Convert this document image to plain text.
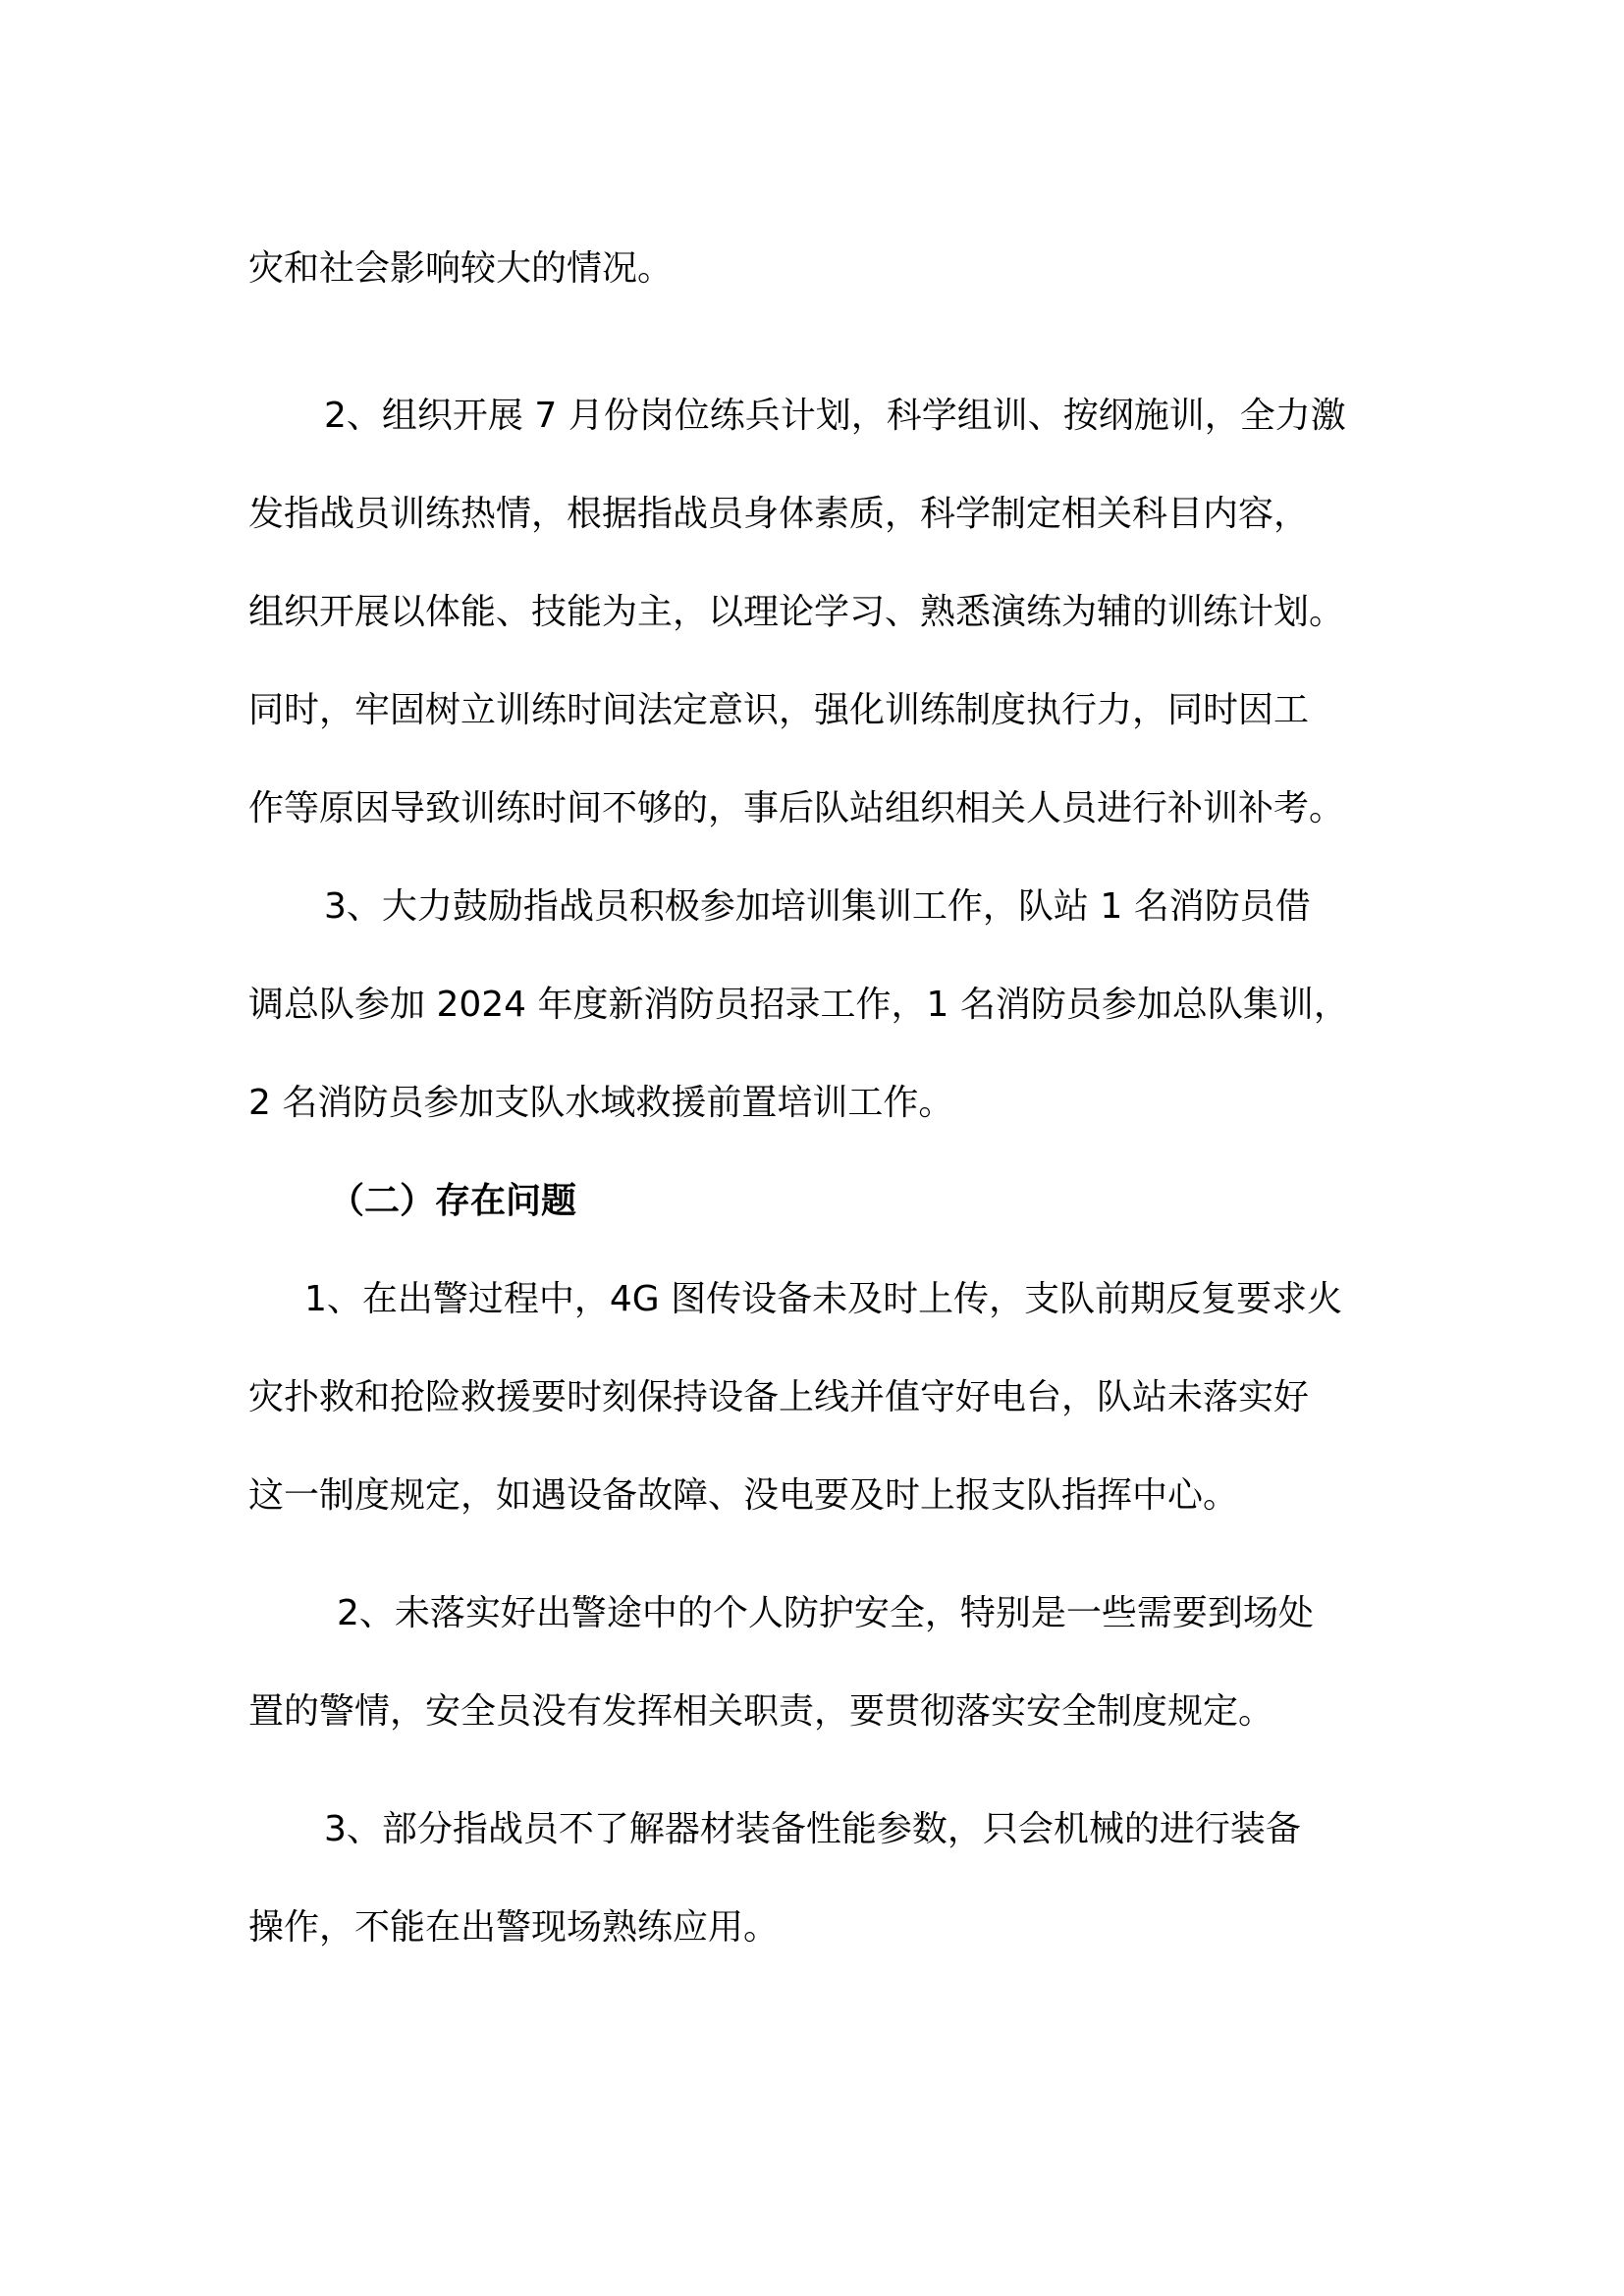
灾和社会影响较大的情况。
2、组织开展 7 月份岗位练兵计划，科学组训、按纲施训，全力激
发指战员训练热情，根据指战员身体素质，科学制定相关科目内容，
组织开展以体能、技能为主，以理论学习、熟悉演练为辅的训练计划。
同时，牢固树立训练时间法定意识，强化训练制度执行力，同时因工
作等原因导致训练时间不够的，事后队站组织相关人员进行补训补考。
3、大力鼓励指战员积极参加培训集训工作，队站 1 名消防员借
调总队参加 2024 年度新消防员招录工作，1 名消防员参加总队集训，
2 名消防员参加支队水域救援前置培训工作。
（二）存在问题
1、在出警过程中，4G 图传设备未及时上传，支队前期反复要求火
灾扑救和抢险救援要时刻保持设备上线并值守好电台，队站未落实好
这一制度规定，如遇设备故障、没电要及时上报支队指挥中心。
2、未落实好出警途中的个人防护安全，特别是一些需要到场处
置的警情，安全员没有发挥相关职责，要贯彻落实安全制度规定。
3、部分指战员不了解器材装备性能参数，只会机械的进行装备
操作，不能在出警现场熟练应用。
